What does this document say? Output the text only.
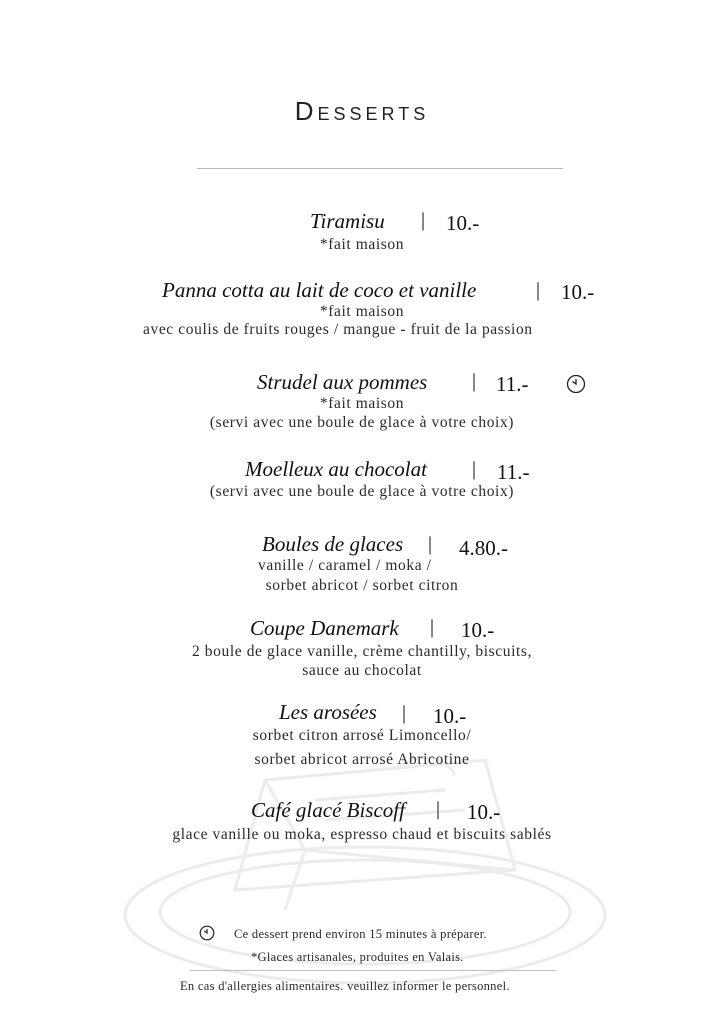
Desserts
Tiramisu | 10.-
*fait maison
Panna cotta au lait de coco et vanille	| 10.-
*fait maison
avec coulis de fruits rouges / mangue - fruit de la passion
Strudel aux pommes | 11.-
*fait maison
(servi avec une boule de glace à votre choix)
Moelleux au chocolat | 11.-
(servi avec une boule de glace à votre choix)
Boules de glaces | 4.80.-
vanille / caramel / moka /
sorbet abricot / sorbet citron
Coupe Danemark | 10.-
2 boule de glace vanille, crème chantilly, biscuits,
sauce au chocolat
Les arosées | 10.-
sorbet citron arrosé Limoncello/
sorbet abricot arrosé Abricotine
Café glacé Biscoff | 10.-
glace vanille ou moka, espresso chaud et biscuits sablés
Ce dessert prend environ 15 minutes à préparer.
*Glaces artisanales, produites en Valais.
En cas d'allergies alimentaires. veuillez informer le personnel.
